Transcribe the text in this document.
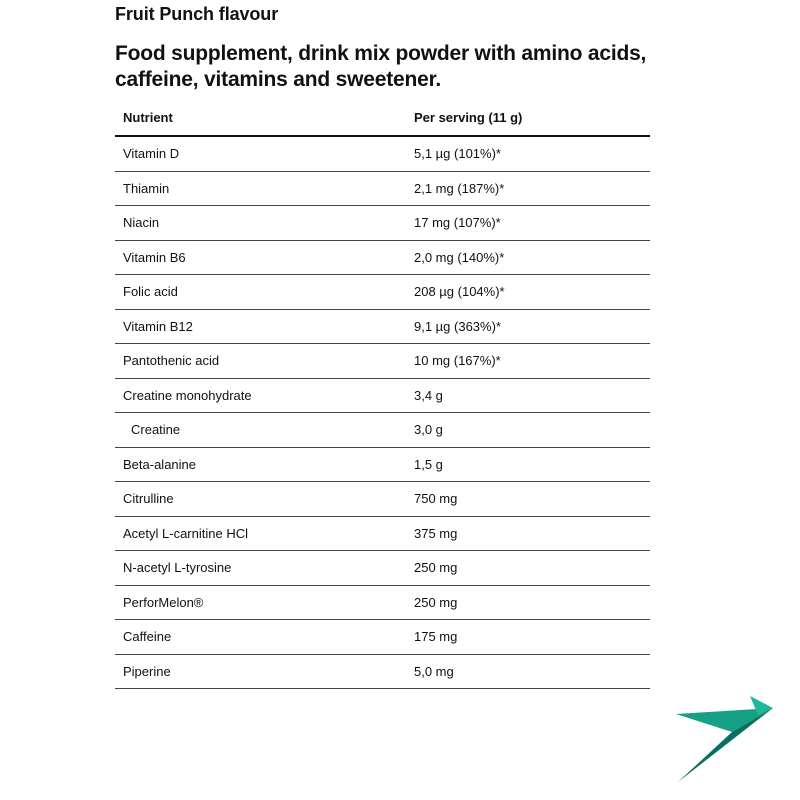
Fruit Punch flavour
Food supplement, drink mix powder with amino acids, caffeine, vitamins and sweetener.
Nutrient	Per serving (11 g)
Vitamin D	5,1 µg (101%)*
Thiamin	2,1 mg (187%)*
Niacin	17 mg (107%)*
Vitamin B6	2,0 mg (140%)*
Folic acid	208 µg (104%)*
Vitamin B12	9,1 µg (363%)*
Pantothenic acid	10 mg (167%)*
Creatine monohydrate	3,4 g
Creatine	3,0 g
Beta-alanine	1,5 g
Citrulline	750 mg
Acetyl L-carnitine HCl	375 mg
N-acetyl L-tyrosine	250 mg
PerforMelon®	250 mg
Caffeine	175 mg
Piperine	5,0 mg
